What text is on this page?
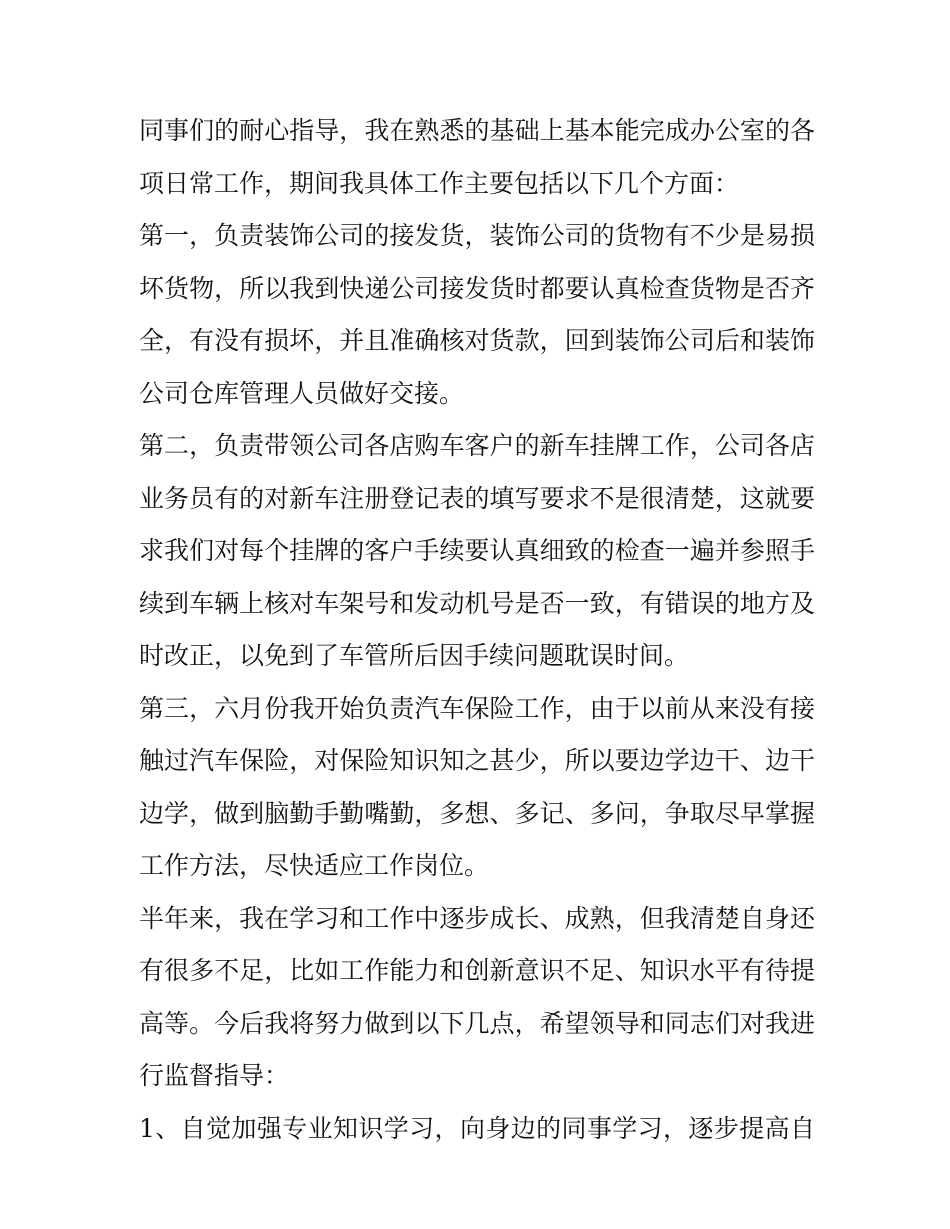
同事们的耐心指导，我在熟悉的基础上基本能完成办公室的各
项日常工作，期间我具体工作主要包括以下几个方面：
第一，负责装饰公司的接发货，装饰公司的货物有不少是易损
坏货物，所以我到快递公司接发货时都要认真检查货物是否齐
全，有没有损坏，并且准确核对货款，回到装饰公司后和装饰
公司仓库管理人员做好交接。
第二，负责带领公司各店购车客户的新车挂牌工作，公司各店
业务员有的对新车注册登记表的填写要求不是很清楚，这就要
求我们对每个挂牌的客户手续要认真细致的检查一遍并参照手
续到车辆上核对车架号和发动机号是否一致，有错误的地方及
时改正，以免到了车管所后因手续问题耽误时间。
第三，六月份我开始负责汽车保险工作，由于以前从来没有接
触过汽车保险，对保险知识知之甚少，所以要边学边干、边干
边学，做到脑勤手勤嘴勤，多想、多记、多问，争取尽早掌握
工作方法，尽快适应工作岗位。
半年来，我在学习和工作中逐步成长、成熟，但我清楚自身还
有很多不足，比如工作能力和创新意识不足、知识水平有待提
高等。今后我将努力做到以下几点，希望领导和同志们对我进
行监督指导：
1、自觉加强专业知识学习，向身边的同事学习，逐步提高自
